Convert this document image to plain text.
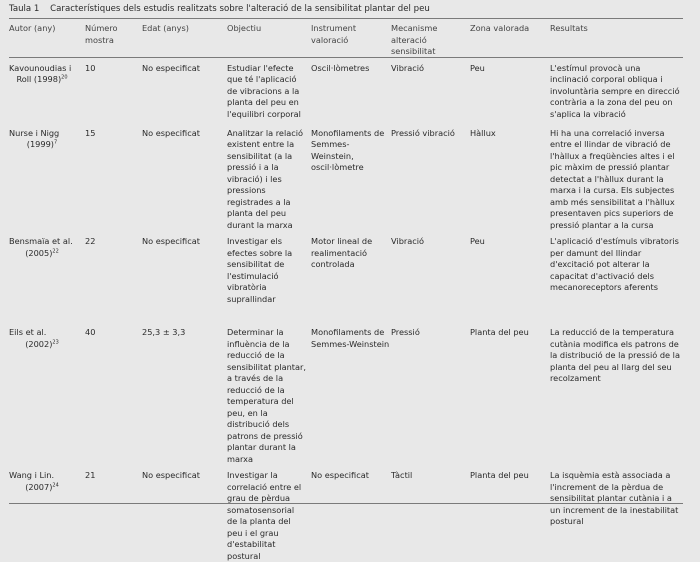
Taula 1 Característiques dels estudis realitzats sobre l'alteració de la sensibilitat plantar del peu
Autor (any)	Número mostra	Edat (anys)	Objectiu	Instrument valoració	Mecanisme alteració sensibilitat	Zona valorada	Resultats

Kavounoudias i
Roll $(1998)^{20}$	10	No especificat	Estudiar l'efecte que té l'aplicació de vibracions a la planta del peu en l'equilibri corporal	Oscil·lòmetres	Vibració	Peu	L'estímul provocà una inclinació corporal obliqua i involuntària sempre en direcció contrària a la zona del peu on s'aplica la vibració

Nurse i Nigg
$(1999)^7$	15	No especificat	Analitzar la relació existent entre la sensibilitat (a la pressió i a la vibració) i les pressions registrades a la planta del peu durant la marxa	Monofilaments de Semmes-Weinstein, oscil·lòmetre	Pressió vibració	Hàllux	Hi ha una correlació inversa entre el llindar de vibració de l'hàllux a freqüències altes i el pic màxim de pressió plantar detectat a l'hàllux durant la marxa i la cursa. Els subjectes amb més sensibilitat a l'hàllux presentaven pics superiors de pressió plantar a la cursa

Bensmaïa et al.
$(2005)^{22}$	22	No especificat	Investigar els efectes sobre la sensibilitat de l'estimulació vibratòria suprallindar	Motor lineal de realimentació controlada	Vibració	Peu	L'aplicació d'estímuls vibratoris per damunt del llindar d'excitació pot alterar la capacitat d'activació dels mecanoreceptors aferents

Eils et al.
$(2002)^{23}$	40	25,3 ± 3,3	Determinar la influència de la reducció de la sensibilitat plantar, a través de la reducció de la temperatura del peu, en la distribució dels patrons de pressió plantar durant la marxa	Monofilaments de Semmes-Weinstein	Pressió	Planta del peu	La reducció de la temperatura cutània modifica els patrons de la distribució de la pressió de la planta del peu al llarg del seu recolzament

Wang i Lin.
$(2007)^{24}$	21	No especificat	Investigar la correlació entre el grau de pèrdua somatosensorial de la planta del peu i el grau d'estabilitat postural	No especificat	Tàctil	Planta del peu	La isquèmia està associada a l'increment de la pèrdua de sensibilitat plantar cutània i a un increment de la inestabilitat postural
